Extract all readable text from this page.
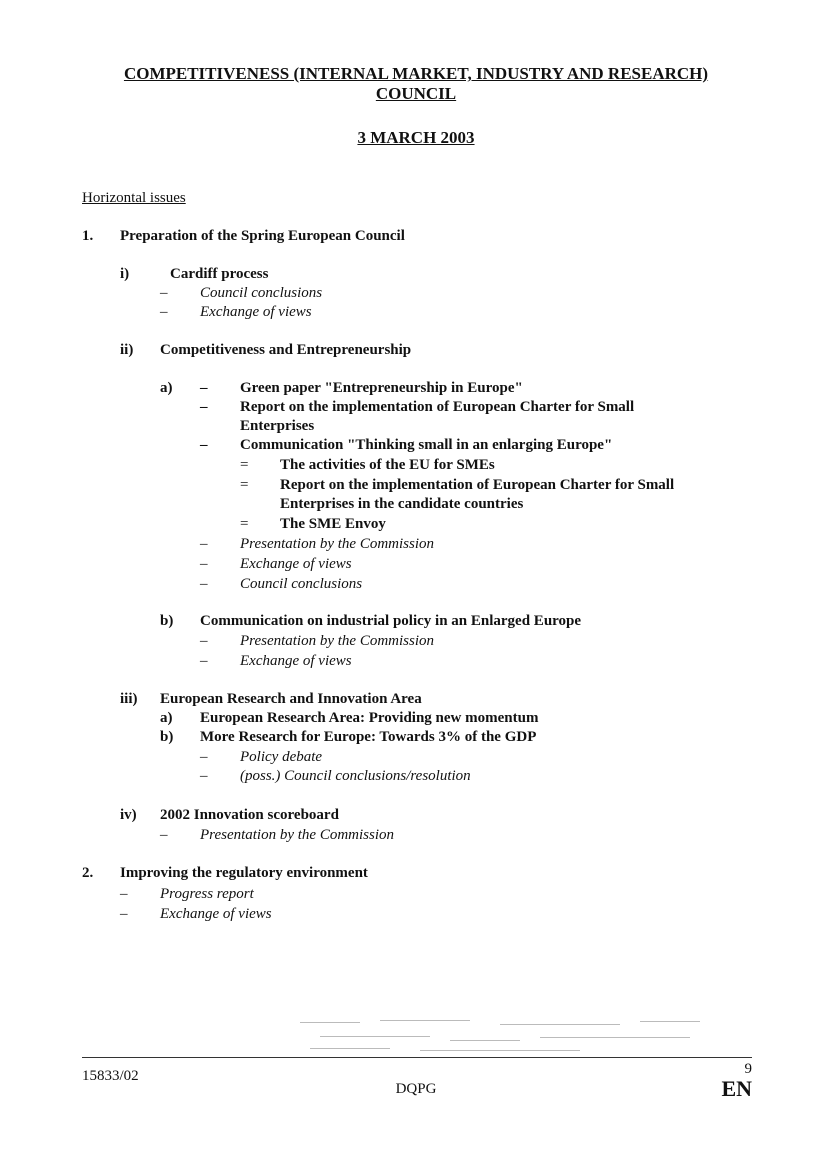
COMPETITIVENESS (INTERNAL MARKET, INDUSTRY AND RESEARCH)
COUNCIL
3 MARCH 2003
Horizontal issues
1. Preparation of the Spring European Council
i)	Cardiff process
– Council conclusions
– Exchange of views
ii) Competitiveness and Entrepreneurship
a) – Green paper "Entrepreneurship in Europe"
– Report on the implementation of European Charter for Small
Enterprises
– Communication "Thinking small in an enlarging Europe"
= The activities of the EU for SMEs
= Report on the implementation of European Charter for Small
Enterprises in the candidate countries
= The SME Envoy
– Presentation by the Commission
– Exchange of views
– Council conclusions
b) Communication on industrial policy in an Enlarged Europe
– Presentation by the Commission
– Exchange of views
iii) European Research and Innovation Area
a) European Research Area: Providing new momentum
b) More Research for Europe: Towards 3% of the GDP
– Policy debate
– (poss.) Council conclusions/resolution
iv) 2002 Innovation scoreboard
– Presentation by the Commission
2. Improving the regulatory environment
– Progress report
– Exchange of views
15833/02	9
DQPG	EN
